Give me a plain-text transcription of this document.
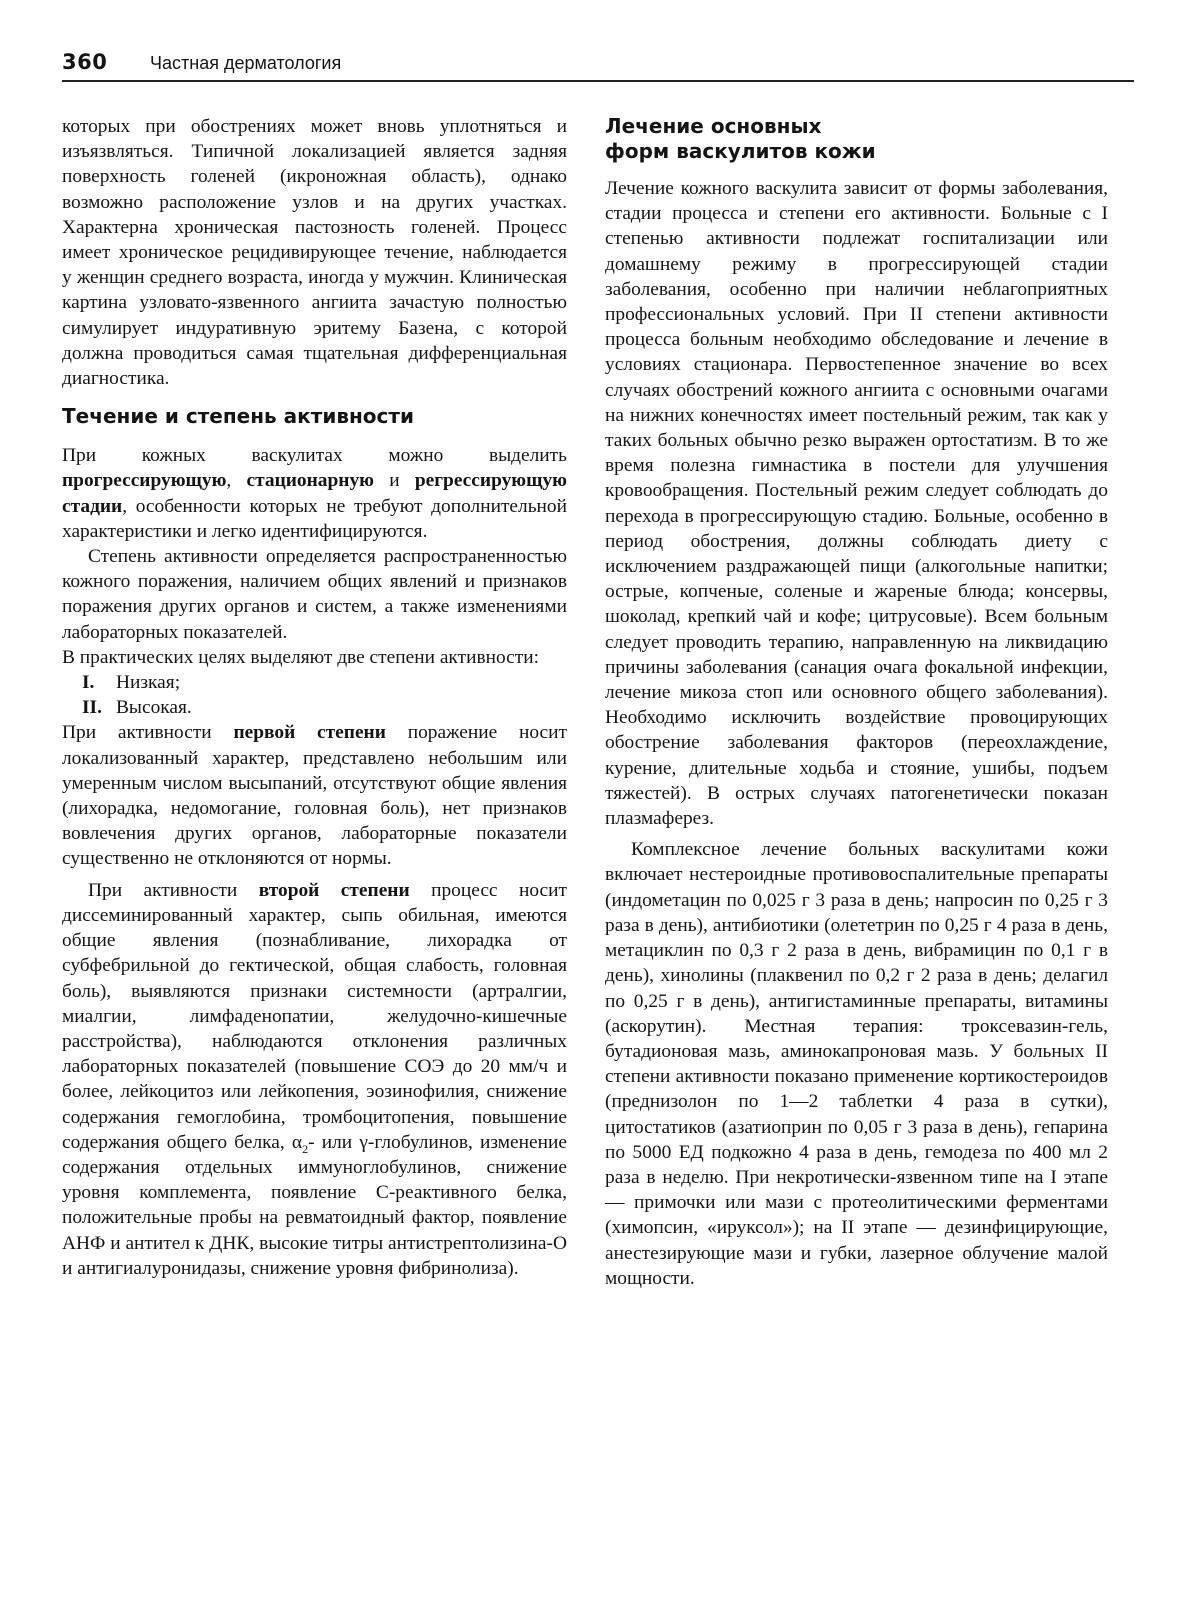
360 Частная дерматология

которых при обострениях может вновь уплотняться и изъязвляться. Типичной локализацией является задняя поверхность голеней (икроножная область), однако возможно расположение узлов и на других участках. Характерна хроническая пастозность голеней. Процесс имеет хроническое рецидивирующее течение, наблюдается у женщин среднего возраста, иногда у мужчин. Клиническая картина узловато-язвенного ангиита зачастую полностью симулирует индуративную эритему Базена, с которой должна проводиться самая тщательная дифференциальная диагностика.

Течение и степень активности

При кожных васкулитах можно выделить прогрессирующую, стационарную и регрессирующую стадии, особенности которых не требуют дополнительной характеристики и легко идентифицируются.

Степень активности определяется распространенностью кожного поражения, наличием общих явлений и признаков поражения других органов и систем, а также изменениями лабораторных показателей.

В практических целях выделяют две степени активности:

I. Низкая;
II. Высокая.

При активности первой степени поражение носит локализованный характер, представлено небольшим или умеренным числом высыпаний, отсутствуют общие явления (лихорадка, недомогание, головная боль), нет признаков вовлечения других органов, лабораторные показатели существенно не отклоняются от нормы.

При активности второй степени процесс носит диссеминированный характер, сыпь обильная, имеются общие явления (познабливание, лихорадка от субфебрильной до гектической, общая слабость, головная боль), выявляются признаки системности (артралгии, миалгии, лимфаденопатии, желудочно-кишечные расстройства), наблюдаются отклонения различных лабораторных показателей (повышение СОЭ до 20 мм/ч и более, лейкоцитоз или лейкопения, эозинофилия, снижение содержания гемоглобина, тромбоцитопения, повышение содержания общего белка, $\alpha_2-$ или γ-глобулинов, изменение содержания отдельных иммуноглобулинов, снижение уровня комплемента, появление С-реактивного белка, положительные пробы на ревматоидный фактор, появление АНФ и антител к ДНК, высокие титры антистрептолизина-О и антигиалуронидазы, снижение уровня фибринолиза).

Лечение основных
форм васкулитов кожи

Лечение кожного васкулита зависит от формы заболевания, стадии процесса и степени его активности. Больные с I степенью активности подлежат госпитализации или домашнему режиму в прогрессирующей стадии заболевания, особенно при наличии неблагоприятных профессиональных условий. При II степени активности процесса больным необходимо обследование и лечение в условиях стационара. Первостепенное значение во всех случаях обострений кожного ангиита с основными очагами на нижних конечностях имеет постельный режим, так как у таких больных обычно резко выражен ортостатизм. В то же время полезна гимнастика в постели для улучшения кровообращения. Постельный режим следует соблюдать до перехода в прогрессирующую стадию. Больные, особенно в период обострения, должны соблюдать диету с исключением раздражающей пищи (алкогольные напитки; острые, копченые, соленые и жареные блюда; консервы, шоколад, крепкий чай и кофе; цитрусовые). Всем больным следует проводить терапию, направленную на ликвидацию причины заболевания (санация очага фокальной инфекции, лечение микоза стоп или основного общего заболевания). Необходимо исключить воздействие провоцирующих обострение заболевания факторов (переохлаждение, курение, длительные ходьба и стояние, ушибы, подъем тяжестей). В острых случаях патогенетически показан плазмаферез.

Комплексное лечение больных васкулитами кожи включает нестероидные противовоспалительные препараты (индометацин по 0,025 г 3 раза в день; напросин по 0,25 г 3 раза в день), антибиотики (олететрин по 0,25 г 4 раза в день, метациклин по 0,3 г 2 раза в день, вибрамицин по 0,1 г в день), хинолины (плаквенил по 0,2 г 2 раза в день; делагил по 0,25 г в день), антигистаминные препараты, витамины (аскорутин). Местная терапия: троксевазин-гель, бутадионовая мазь, аминокапроновая мазь. У больных II степени активности показано применение кортикостероидов (преднизолон по 1—2 таблетки 4 раза в сутки), цитостатиков (азатиоприн по 0,05 г 3 раза в день), гепарина по 5000 ЕД подкожно 4 раза в день, гемодеза по 400 мл 2 раза в неделю. При некротически-язвенном типе на I этапе — примочки или мази с протеолитическими ферментами (химопсин, «ируксол»); на II этапе — дезинфицирующие, анестезирующие мази и губки, лазерное облучение малой мощности.
